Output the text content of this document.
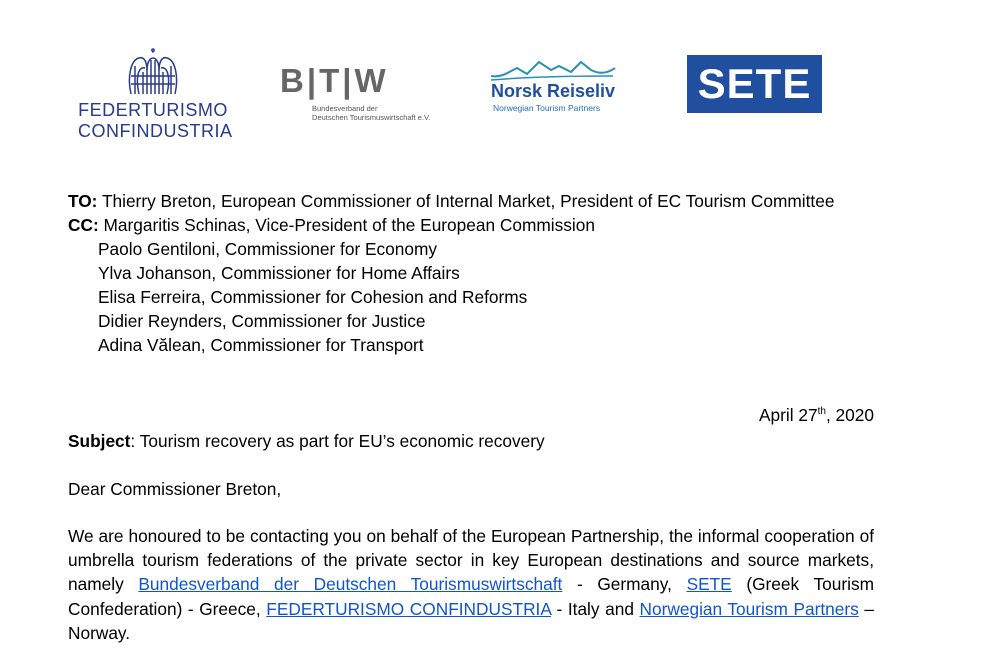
FEDERTURISMO
CONFINDUSTRIA
B|T|W
Bundesverband der
Deutschen Tourismuswirtschaft e.V.
Norsk Reiseliv
Norwegian Tourism Partners
SETE
TO: Thierry Breton, European Commissioner of Internal Market, President of EC Tourism Committee
CC: Margaritis Schinas, Vice-President of the European Commission
Paolo Gentiloni, Commissioner for Economy
Ylva Johanson, Commissioner for Home Affairs
Elisa Ferreira, Commissioner for Cohesion and Reforms
Didier Reynders, Commissioner for Justice
Adina Vălean, Commissioner for Transport
April 27th, 2020
Subject: Tourism recovery as part for EU’s economic recovery
Dear Commissioner Breton,
We are honoured to be contacting you on behalf of the European Partnership, the informal cooperation of umbrella tourism federations of the private sector in key European destinations and source markets, namely Bundesverband der Deutschen Tourismuswirtschaft - Germany, SETE (Greek Tourism Confederation) - Greece, FEDERTURISMO CONFINDUSTRIA - Italy and Norwegian Tourism Partners – Norway.
